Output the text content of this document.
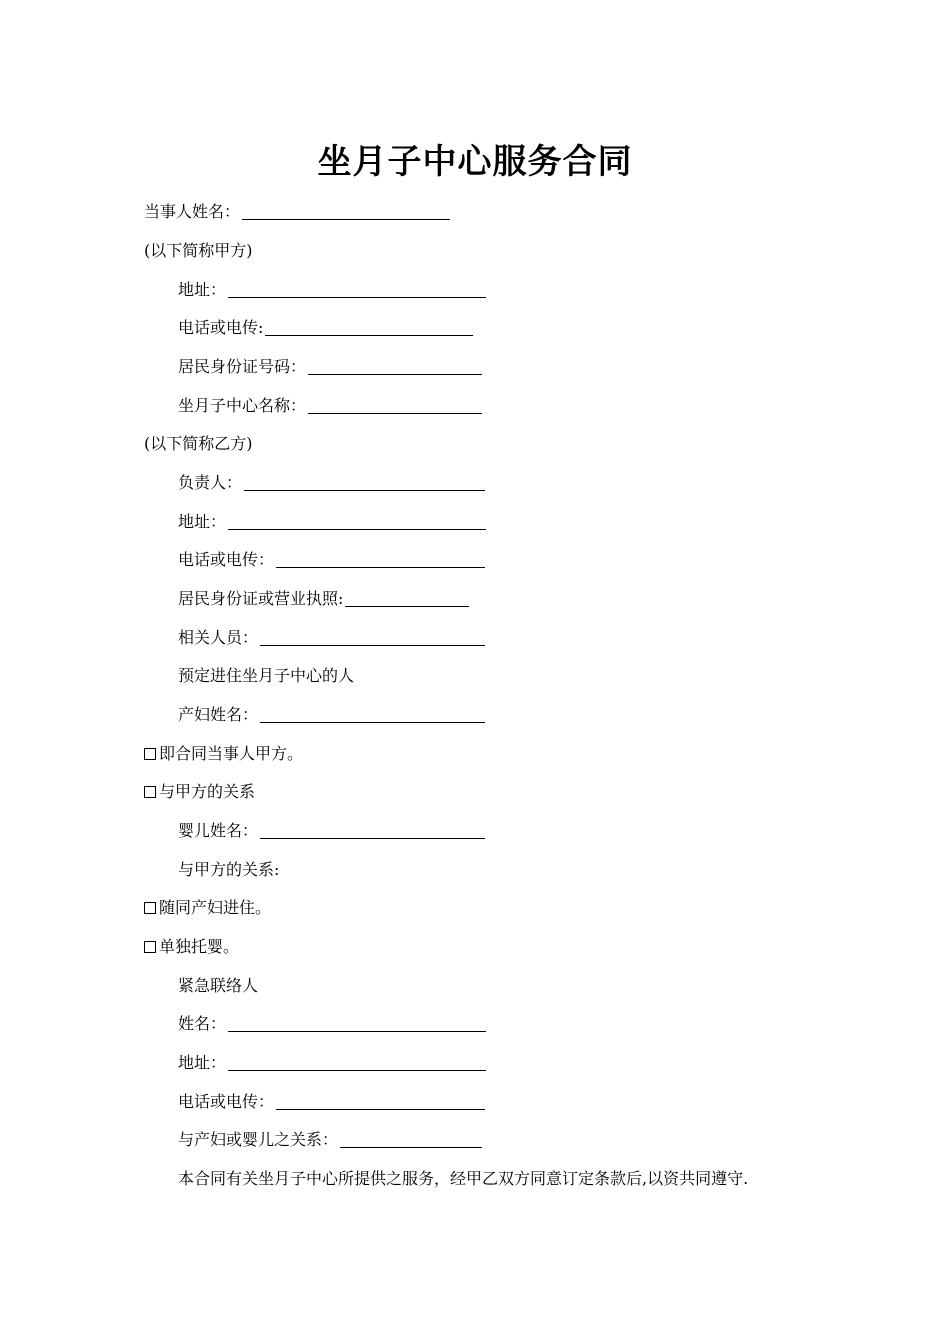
坐月子中心服务合同
当事人姓名：
(以下简称甲方)
地址：
电话或电传:
居民身份证号码：
坐月子中心名称：
(以下简称乙方)
负责人：
地址：
电话或电传：
居民身份证或营业执照:
相关人员：
预定进住坐月子中心的人
产妇姓名：
即合同当事人甲方。
与甲方的关系
婴儿姓名：
与甲方的关系:
随同产妇进住。
单独托婴。
紧急联络人
姓名：
地址：
电话或电传：
与产妇或婴儿之关系：
本合同有关坐月子中心所提供之服务，经甲乙双方同意订定条款后,以资共同遵守.
